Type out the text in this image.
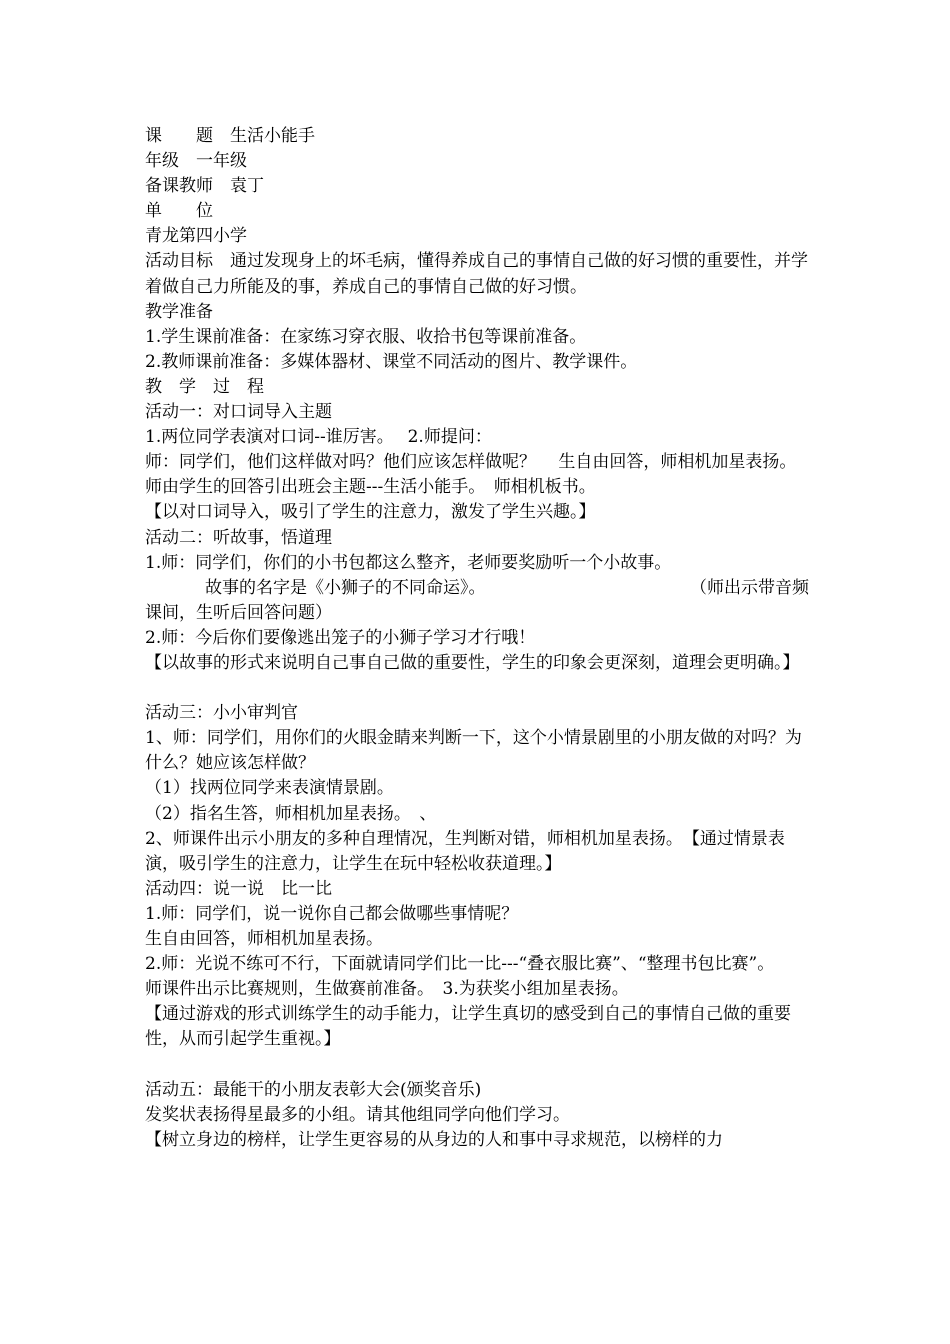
课　　题　生活小能手

年级　一年级

备课教师　袁丁

单　　位

青龙第四小学

活动目标　通过发现身上的坏毛病，懂得养成自己的事情自己做的好习惯的重要性，并学着做自己力所能及的事，养成自己的事情自己做的好习惯。

教学准备

1.学生课前准备：在家练习穿衣服、收拾书包等课前准备。

2.教师课前准备：多媒体器材、课堂不同活动的图片、教学课件。

教　学　过　程

活动一：对口词导入主题

1.两位同学表演对口词--谁厉害。　 2.师提问：

师：同学们，他们这样做对吗？他们应该怎样做呢？　 生自由回答，师相机加星表扬。

师由学生的回答引出班会主题---生活小能手。　师相机板书。

【以对口词导入，吸引了学生的注意力，激发了学生兴趣。】

活动二：听故事，悟道理

1.师：同学们，你们的小书包都这么整齐，老师要奖励听一个小故事。

故事的名字是《小狮子的不同命运》。	（师出示带音频

课间，生听后回答问题）

2.师：今后你们要像逃出笼子的小狮子学习才行哦！

【以故事的形式来说明自己事自己做的重要性，学生的印象会更深刻，道理会更明确。】

活动三：小小审判官

1、师：同学们，用你们的火眼金睛来判断一下，这个小情景剧里的小朋友做的对吗？为什么？她应该怎样做？

（1）找两位同学来表演情景剧。

（2）指名生答，师相机加星表扬。　、

2、师课件出示小朋友的多种自理情况，生判断对错，师相机加星表扬。　【通过情景表演，吸引学生的注意力，让学生在玩中轻松收获道理。】

活动四：说一说　比一比

1.师：同学们，说一说你自己都会做哪些事情呢？

生自由回答，师相机加星表扬。

2.师：光说不练可不行，下面就请同学们比一比---“叠衣服比赛”、“整理书包比赛”。

师课件出示比赛规则，生做赛前准备。　3.为获奖小组加星表扬。

【通过游戏的形式训练学生的动手能力，让学生真切的感受到自己的事情自己做的重要性，从而引起学生重视。】

活动五：最能干的小朋友表彰大会(颁奖音乐)

发奖状表扬得星最多的小组。请其他组同学向他们学习。

【树立身边的榜样，让学生更容易的从身边的人和事中寻求规范，以榜样的力
